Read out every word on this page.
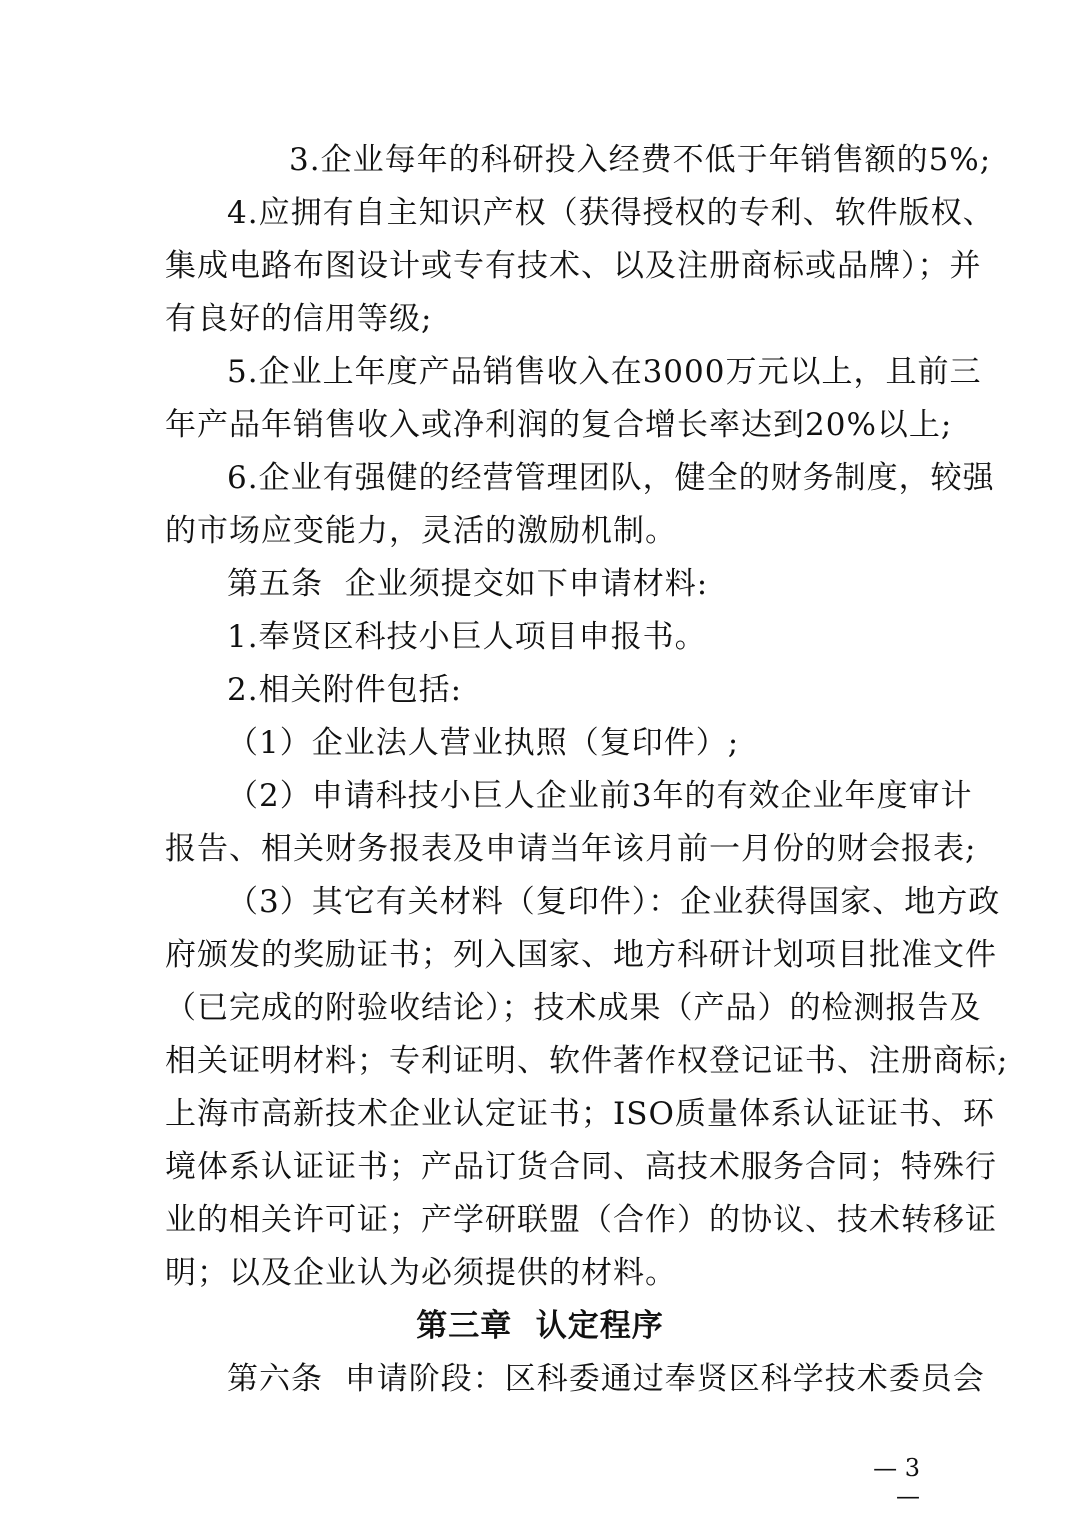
3.企业每年的科研投入经费不低于年销售额的5%;
4.应拥有自主知识产权（获得授权的专利、软件版权、
集成电路布图设计或专有技术、以及注册商标或品牌）；并
有良好的信用等级;
5.企业上年度产品销售收入在3000万元以上，且前三
年产品年销售收入或净利润的复合增长率达到20%以上;
6.企业有强健的经营管理团队，健全的财务制度，较强
的市场应变能力，灵活的激励机制。
第五条  企业须提交如下申请材料:
1.奉贤区科技小巨人项目申报书。
2.相关附件包括:
（1）企业法人营业执照（复印件）;
（2）申请科技小巨人企业前3年的有效企业年度审计
报告、相关财务报表及申请当年该月前一月份的财会报表;
（3）其它有关材料（复印件）：企业获得国家、地方政
府颁发的奖励证书；列入国家、地方科研计划项目批准文件
（已完成的附验收结论）；技术成果（产品）的检测报告及
相关证明材料；专利证明、软件著作权登记证书、注册商标;
上海市高新技术企业认定证书；ISO质量体系认证证书、环
境体系认证证书；产品订货合同、高技术服务合同；特殊行
业的相关许可证；产学研联盟（合作）的协议、技术转移证
明；以及企业认为必须提供的材料。
第三章  认定程序
第六条  申请阶段：区科委通过奉贤区科学技术委员会
— 3 —
